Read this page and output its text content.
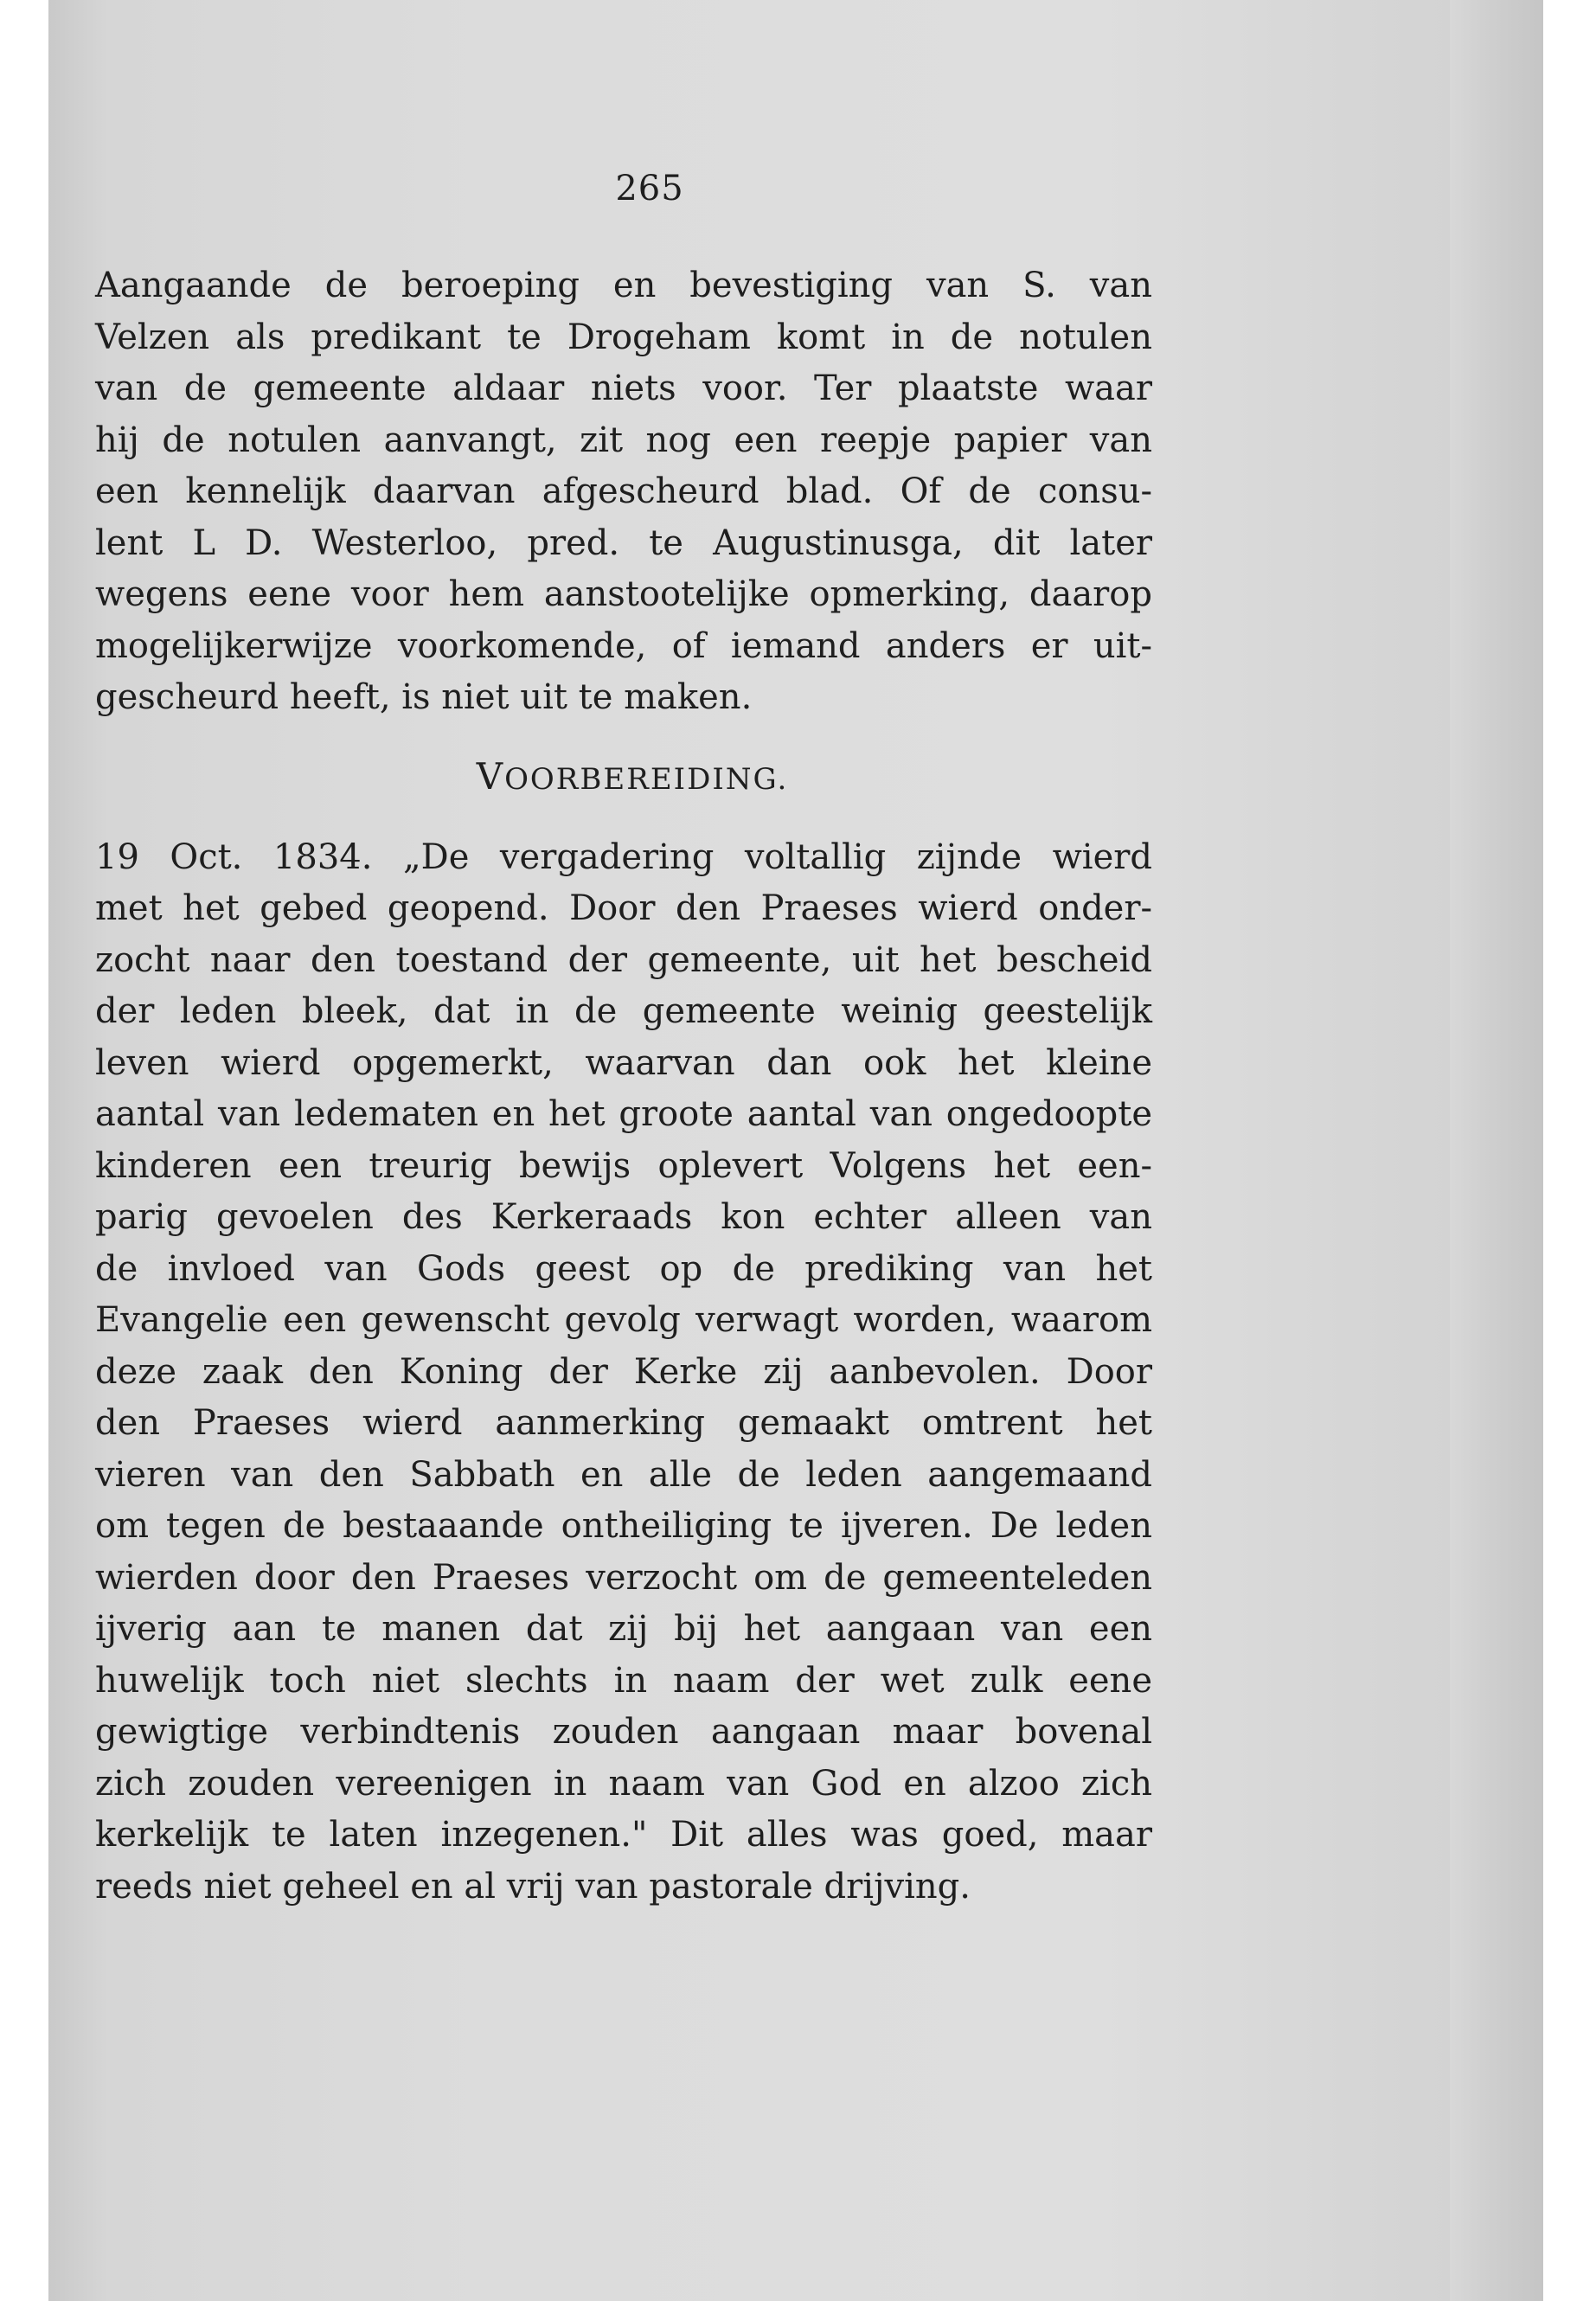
265

Aangaande de beroeping en bevestiging van S. van
Velzen als predikant te Drogeham komt in de notulen
van de gemeente aldaar niets voor. Ter plaatste waar
hij de notulen aanvangt, zit nog een reepje papier van
een kennelijk daarvan afgescheurd blad. Of de consu-
lent L D. Westerloo, pred. te Augustinusga, dit later
wegens eene voor hem aanstootelijke opmerking, daarop
mogelijkerwijze voorkomende, of iemand anders er uit-
gescheurd heeft, is niet uit te maken.

VOORBEREIDING.

19 Oct. 1834. „De vergadering voltallig zijnde wierd
met het gebed geopend. Door den Praeses wierd onder-
zocht naar den toestand der gemeente, uit het bescheid
der leden bleek, dat in de gemeente weinig geestelijk
leven wierd opgemerkt, waarvan dan ook het kleine
aantal van ledematen en het groote aantal van ongedoopte
kinderen een treurig bewijs oplevert Volgens het een-
parig gevoelen des Kerkeraads kon echter alleen van
de invloed van Gods geest op de prediking van het
Evangelie een gewenscht gevolg verwagt worden, waarom
deze zaak den Koning der Kerke zij aanbevolen. Door
den Praeses wierd aanmerking gemaakt omtrent het
vieren van den Sabbath en alle de leden aangemaand
om tegen de bestaaande ontheiliging te ijveren. De leden
wierden door den Praeses verzocht om de gemeenteleden
ijverig aan te manen dat zij bij het aangaan van een
huwelijk toch niet slechts in naam der wet zulk eene
gewigtige verbindtenis zouden aangaan maar bovenal
zich zouden vereenigen in naam van God en alzoo zich
kerkelijk te laten inzegenen." Dit alles was goed, maar
reeds niet geheel en al vrij van pastorale drijving.
